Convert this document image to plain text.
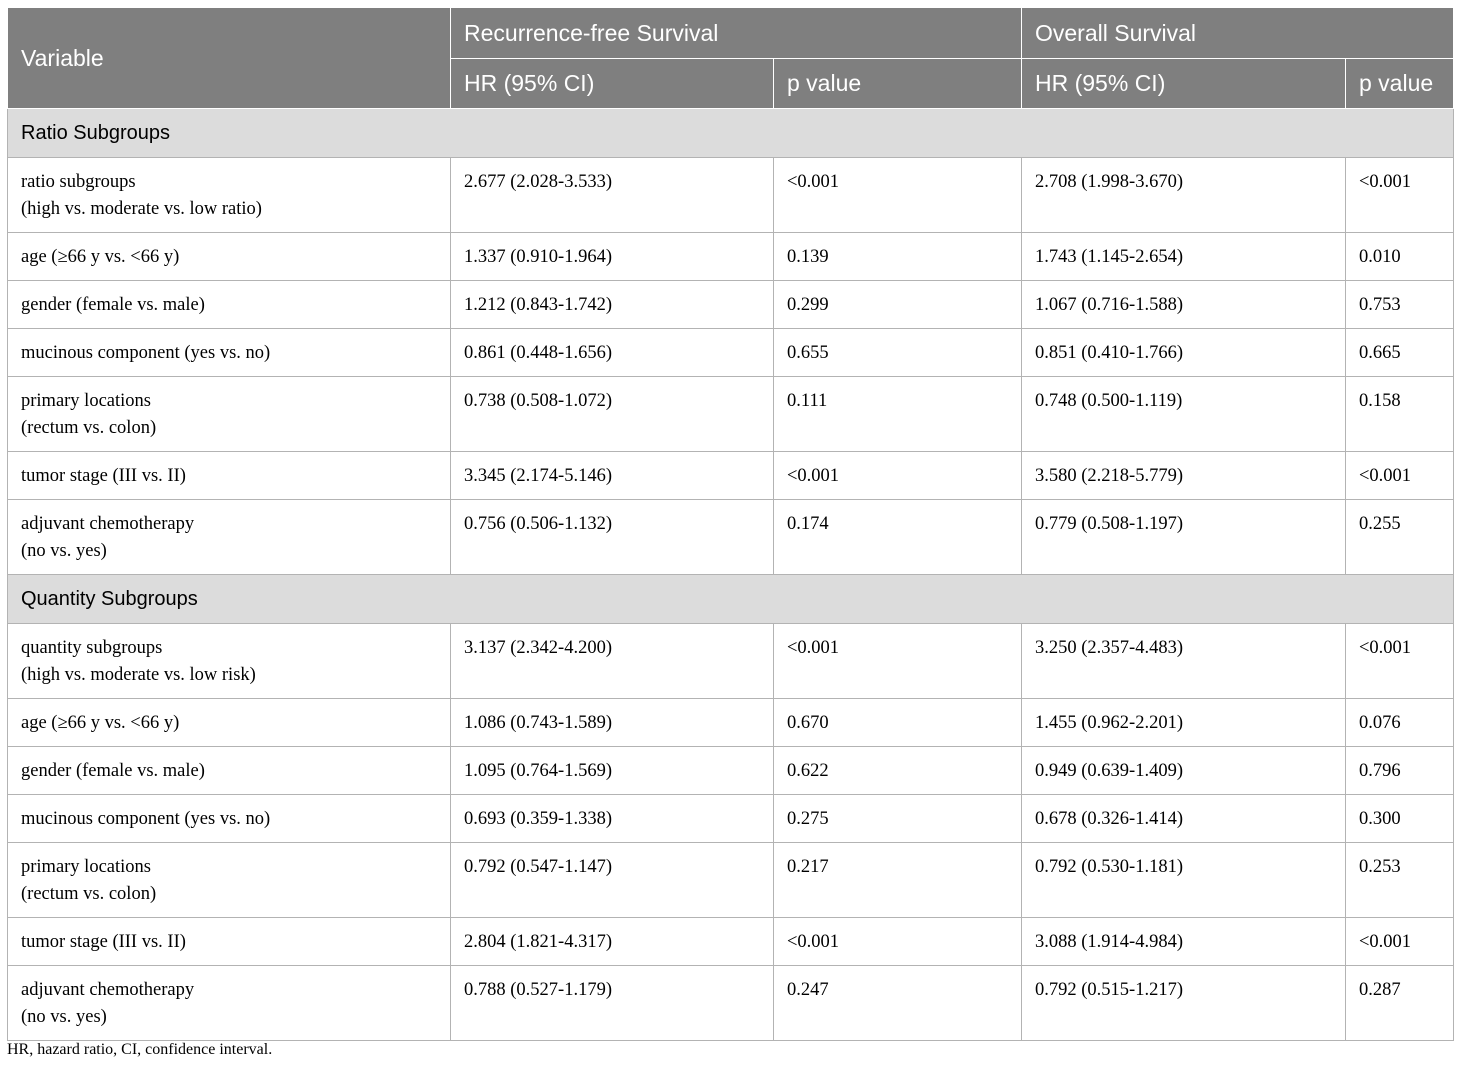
Variable	Recurrence-free Survival		Overall Survival	
	HR (95% CI)	p value	HR (95% CI)	p value
Ratio Subgroups				
ratio subgroups
(high vs. moderate vs. low ratio)	2.677 (2.028-3.533)	<0.001	2.708 (1.998-3.670)	<0.001
age (≥66 y vs. <66 y)	1.337 (0.910-1.964)	0.139	1.743 (1.145-2.654)	0.010
gender (female vs. male)	1.212 (0.843-1.742)	0.299	1.067 (0.716-1.588)	0.753
mucinous component (yes vs. no)	0.861 (0.448-1.656)	0.655	0.851 (0.410-1.766)	0.665
primary locations
(rectum vs. colon)	0.738 (0.508-1.072)	0.111	0.748 (0.500-1.119)	0.158
tumor stage (III vs. II)	3.345 (2.174-5.146)	<0.001	3.580 (2.218-5.779)	<0.001
adjuvant chemotherapy
(no vs. yes)	0.756 (0.506-1.132)	0.174	0.779 (0.508-1.197)	0.255
Quantity Subgroups				
quantity subgroups
(high vs. moderate vs. low risk)	3.137 (2.342-4.200)	<0.001	3.250 (2.357-4.483)	<0.001
age (≥66 y vs. <66 y)	1.086 (0.743-1.589)	0.670	1.455 (0.962-2.201)	0.076
gender (female vs. male)	1.095 (0.764-1.569)	0.622	0.949 (0.639-1.409)	0.796
mucinous component (yes vs. no)	0.693 (0.359-1.338)	0.275	0.678 (0.326-1.414)	0.300
primary locations
(rectum vs. colon)	0.792 (0.547-1.147)	0.217	0.792 (0.530-1.181)	0.253
tumor stage (III vs. II)	2.804 (1.821-4.317)	<0.001	3.088 (1.914-4.984)	<0.001
adjuvant chemotherapy
(no vs. yes)	0.788 (0.527-1.179)	0.247	0.792 (0.515-1.217)	0.287
HR, hazard ratio, CI, confidence interval.
